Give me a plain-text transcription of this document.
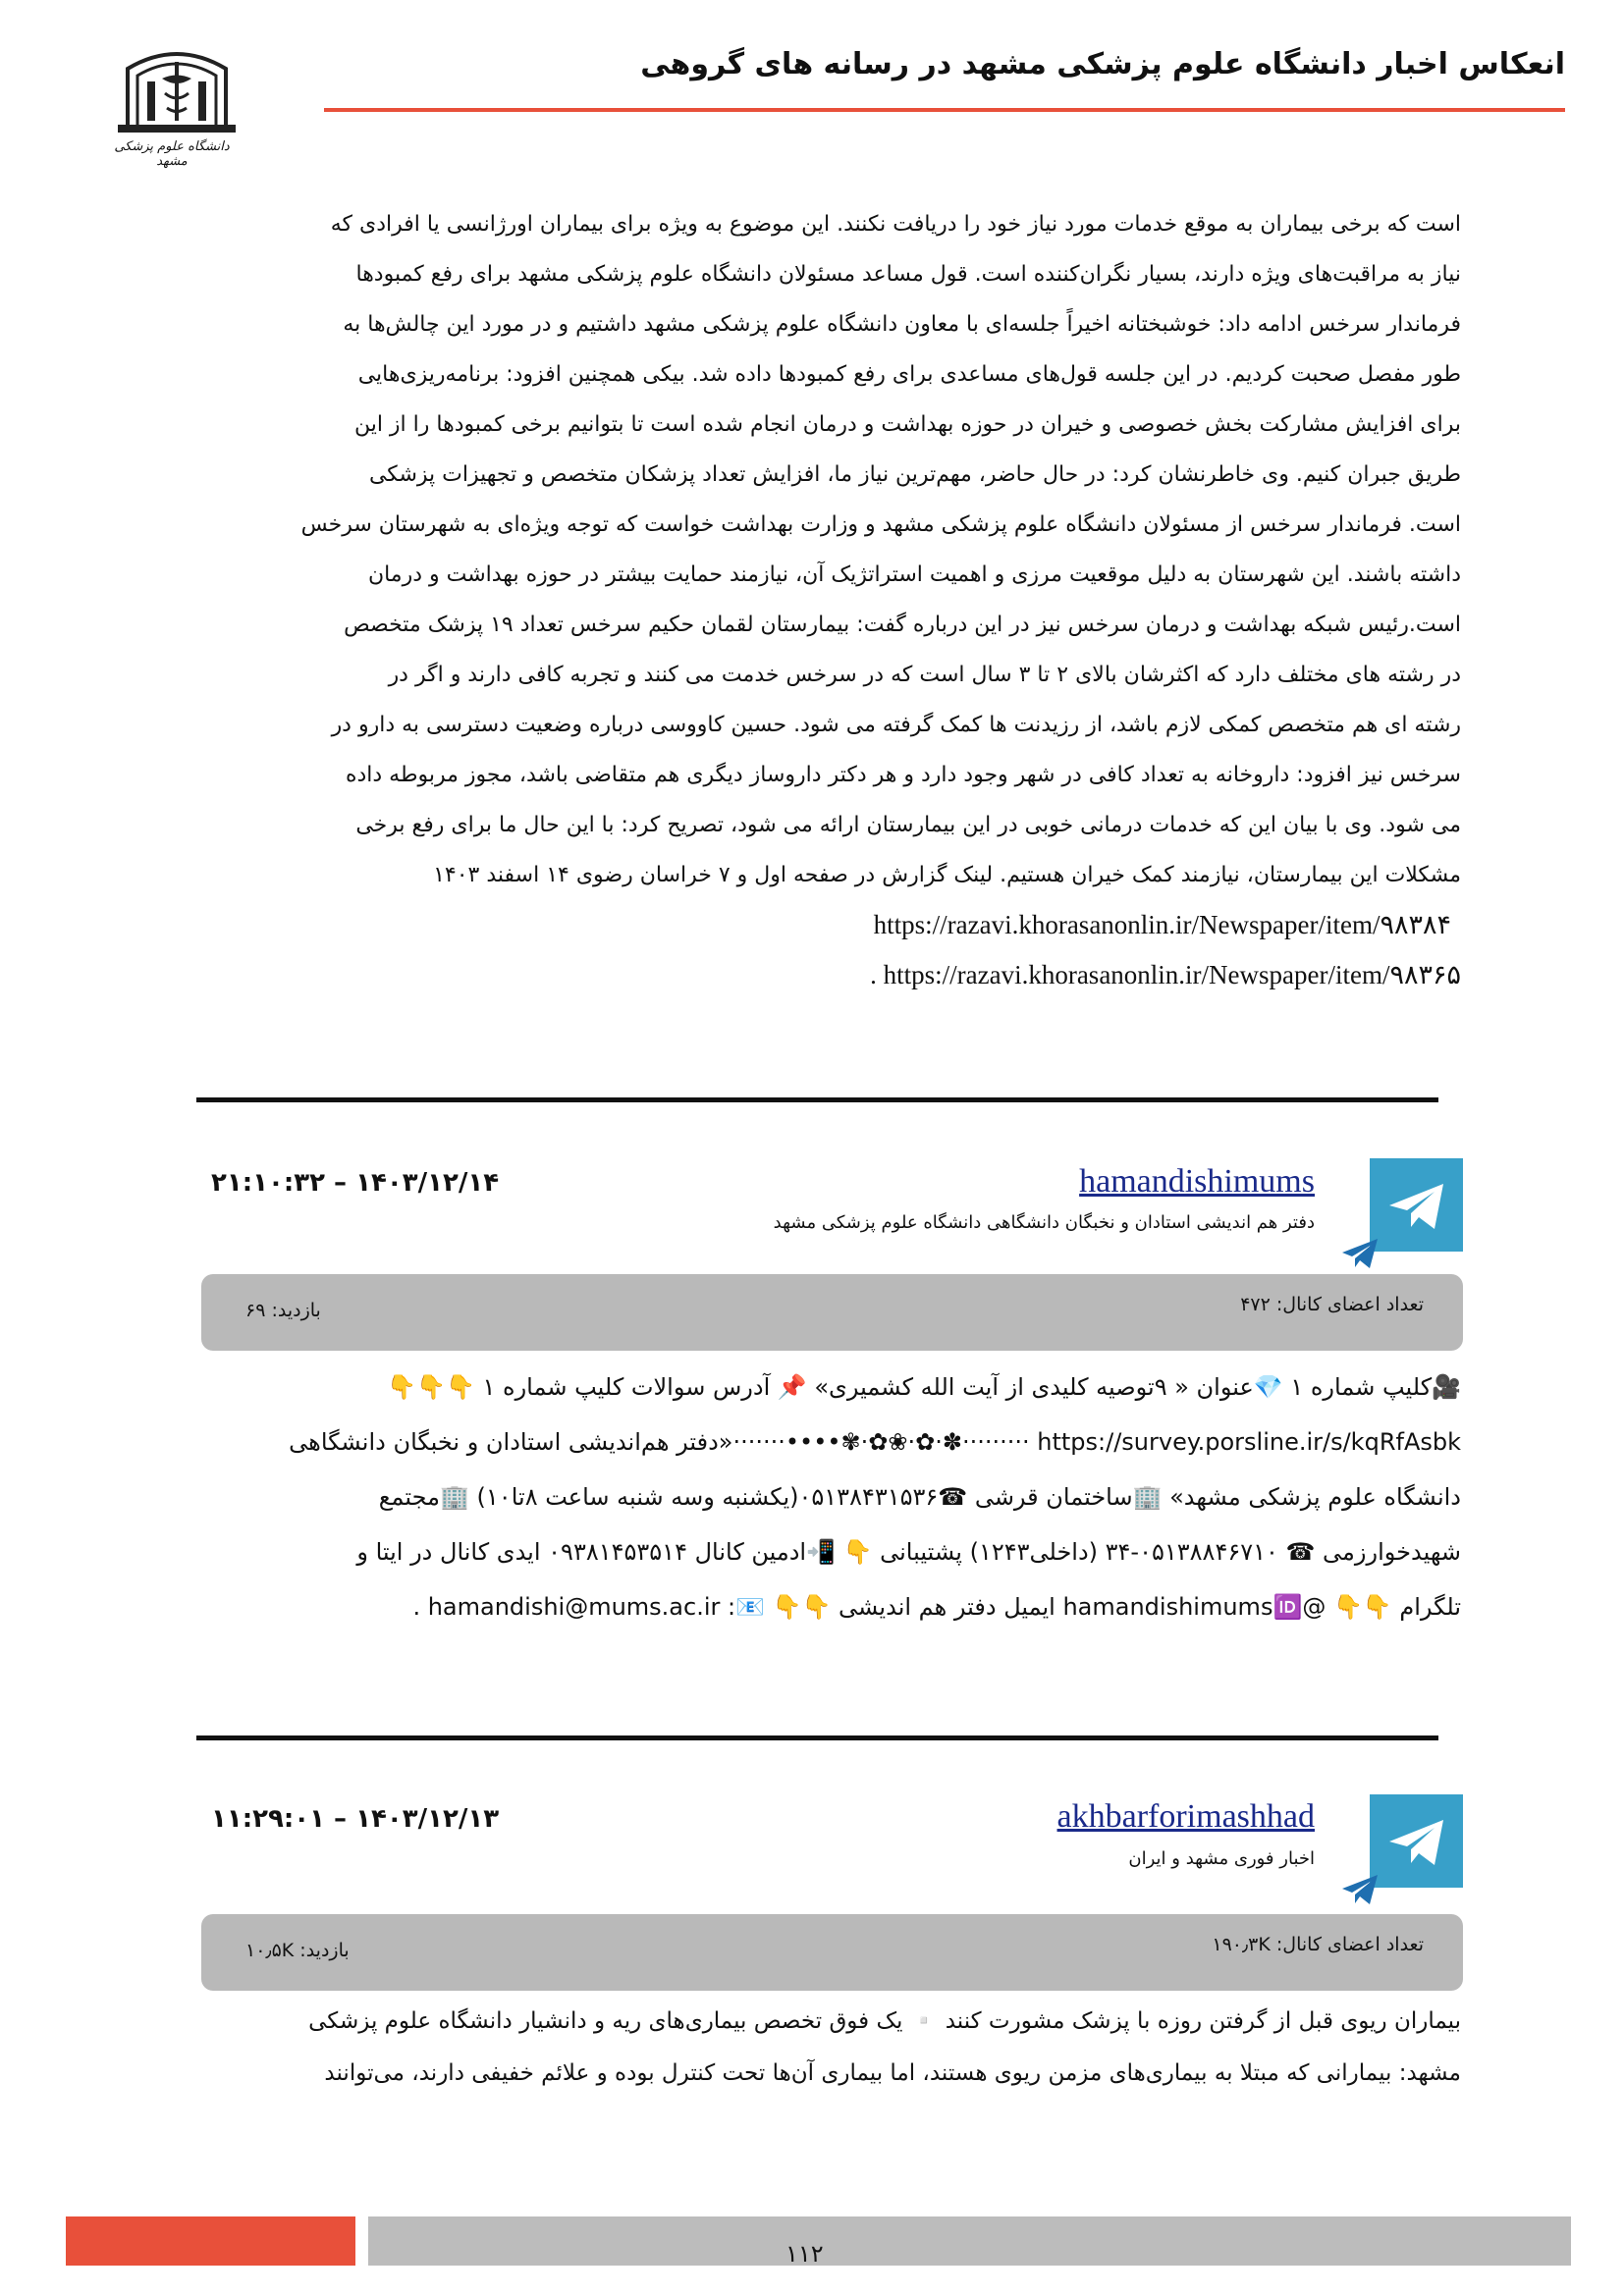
انعکاس اخبار دانشگاه علوم پزشکی مشهد در رسانه های گروهی
دانشگاه علوم پزشکی مشهد
است که برخی بیماران به موقع خدمات مورد نیاز خود را دریافت نکنند. این موضوع به ویژه برای بیماران اورژانسی یا افرادی که
نیاز به مراقبت‌های ویژه دارند، بسیار نگران‌کننده است. قول مساعد مسئولان دانشگاه علوم پزشکی مشهد برای رفع کمبودها
فرماندار سرخس ادامه داد: خوشبختانه اخیراً جلسه‌ای با معاون دانشگاه علوم پزشکی مشهد داشتیم و در مورد این چالش‌ها به
طور مفصل صحبت کردیم. در این جلسه قول‌های مساعدی برای رفع کمبودها داده شد. بیکی همچنین افزود: برنامه‌ریزی‌هایی
برای افزایش مشارکت بخش خصوصی و خیران در حوزه بهداشت و درمان انجام شده است تا بتوانیم برخی کمبودها را از این
طریق جبران کنیم. وی خاطرنشان کرد: در حال حاضر، مهم‌ترین نیاز ما، افزایش تعداد پزشکان متخصص و تجهیزات پزشکی
است. فرماندار سرخس از مسئولان دانشگاه علوم پزشکی مشهد و وزارت بهداشت خواست که توجه ویژه‌ای به شهرستان سرخس
داشته باشند. این شهرستان به دلیل موقعیت مرزی و اهمیت استراتژیک آن، نیازمند حمایت بیشتر در حوزه بهداشت و درمان
است.رئیس شبکه بهداشت و درمان سرخس نیز در این درباره گفت: بیمارستان لقمان حکیم سرخس تعداد ۱۹ پزشک متخصص
در رشته های مختلف دارد که اکثرشان بالای ۲ تا ۳ سال است که در سرخس خدمت می کنند و تجربه کافی دارند و اگر در
رشته ای هم متخصص کمکی لازم باشد، از رزیدنت ها کمک گرفته می شود. حسین کاووسی درباره وضعیت دسترسی به دارو در
سرخس نیز افزود: داروخانه به تعداد کافی در شهر وجود دارد و هر دکتر داروساز دیگری هم متقاضی باشد، مجوز مربوطه داده
می شود. وی با بیان این که خدمات درمانی خوبی در این بیمارستان ارائه می شود، تصریح کرد: با این حال ما برای رفع برخی
مشکلات این بیمارستان، نیازمند کمک خیران هستیم. لینک گزارش در صفحه اول و ۷ خراسان رضوی ۱۴ اسفند ۱۴۰۳
https://razavi.khorasanonlin.ir/Newspaper/item/۹۸۳۸۴
. https://razavi.khorasanonlin.ir/Newspaper/item/۹۸۳۶۵
hamandishimums
دفتر هم اندیشی استادان و نخبگان دانشگاهی دانشگاه علوم پزشکی مشهد
۲۱:۱۰:۳۲ – ۱۴۰۳/۱۲/۱۴
تعداد اعضای کانال: ۴۷۲
بازدید: ۶۹
🎥کلیپ شماره ۱ 💎عنوان « ۹توصیه کلیدی از آیت الله کشمیری» 📌 آدرس سوالات کلیپ شماره ۱ 👇👇👇
https://survey.porsline.ir/s/kqRfAsbk ·········✽·✿·❀✿·✾••••·······«دفتر هم‌اندیشی استادان و نخبگان دانشگاهی
دانشگاه علوم پزشکی مشهد» 🏢ساختمان قرشی ☎۰۵۱۳۸۴۳۱۵۳۶(یکشنبه وسه شنبه ساعت ۸تا۱۰) 🏢مجتمع
شهیدخوارزمی ☎ ۰۵۱۳۸۸۴۶۷۱۰-۳۴ (داخلی۱۲۴۳) پشتیبانی 👇 📲ادمین کانال ۰۹۳۸۱۴۵۳۵۱۴ ایدی کانال در ایتا و
تلگرام 👇👇 @hamandishimums🆔 ایمیل دفتر هم اندیشی 👇👇 📧: hamandishi@mums.ac.ir .
akhbarforimashhad
اخبار فوری مشهد و ایران
۱۱:۲۹:۰۱ – ۱۴۰۳/۱۲/۱۳
تعداد اعضای کانال: ۱۹۰٫۳K
بازدید: ۱۰٫۵K
بیماران ریوی قبل از گرفتن روزه با پزشک مشورت کنند ▫️ یک فوق تخصص بیماری‌های ریه و دانشیار دانشگاه علوم پزشکی
مشهد: بیمارانی که مبتلا به بیماری‌های مزمن ریوی هستند، اما بیماری آن‌ها تحت کنترل بوده و علائم خفیفی دارند، می‌توانند
۱۱۲
